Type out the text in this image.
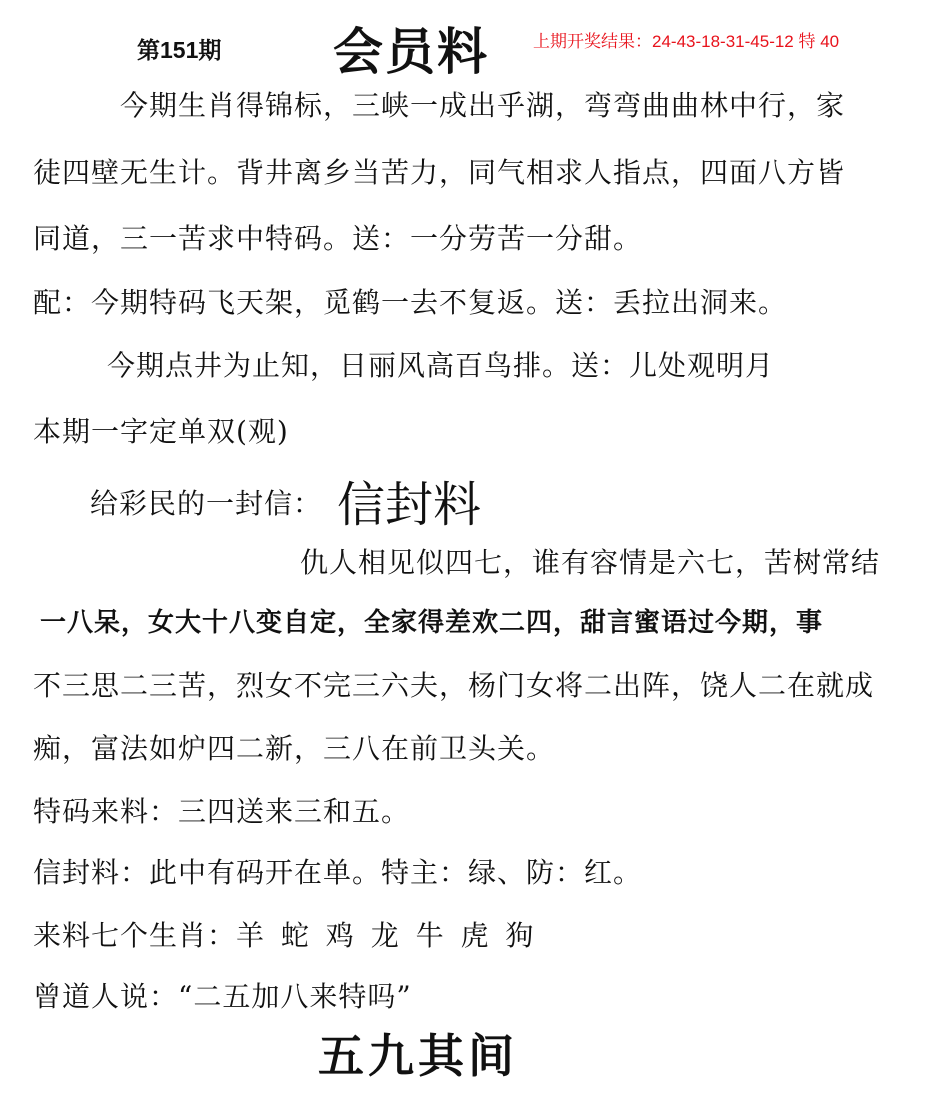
第151期 会员料	上期开奖结果：24-43-18-31-45-12 特 40
今期生肖得锦标，三峡一成出乎湖，弯弯曲曲林中行，家
徒四壁无生计。背井离乡当苦力，同气相求人指点，四面八方皆
同道，三一苦求中特码。送：一分劳苦一分甜。
配：今期特码飞天架，觅鹤一去不复返。送：丢拉出洞来。
今期点井为止知，日丽风高百鸟排。送：儿处观明月
本期一字定单双(观)
给彩民的一封信： 信封料
仇人相见似四七，谁有容情是六七，苦树常结
一八呆，女大十八变自定，全家得差欢二四，甜言蜜语过今期，事
不三思二三苦，烈女不完三六夫，杨门女将二出阵，饶人二在就成
痴，富法如炉四二新，三八在前卫头关。
特码来料：三四送来三和五。
信封料：此中有码开在单。特主：绿、防：红。
来料七个生肖：羊 蛇 鸡 龙 牛 虎 狗
曾道人说：“二五加八来特吗”
五九其间
